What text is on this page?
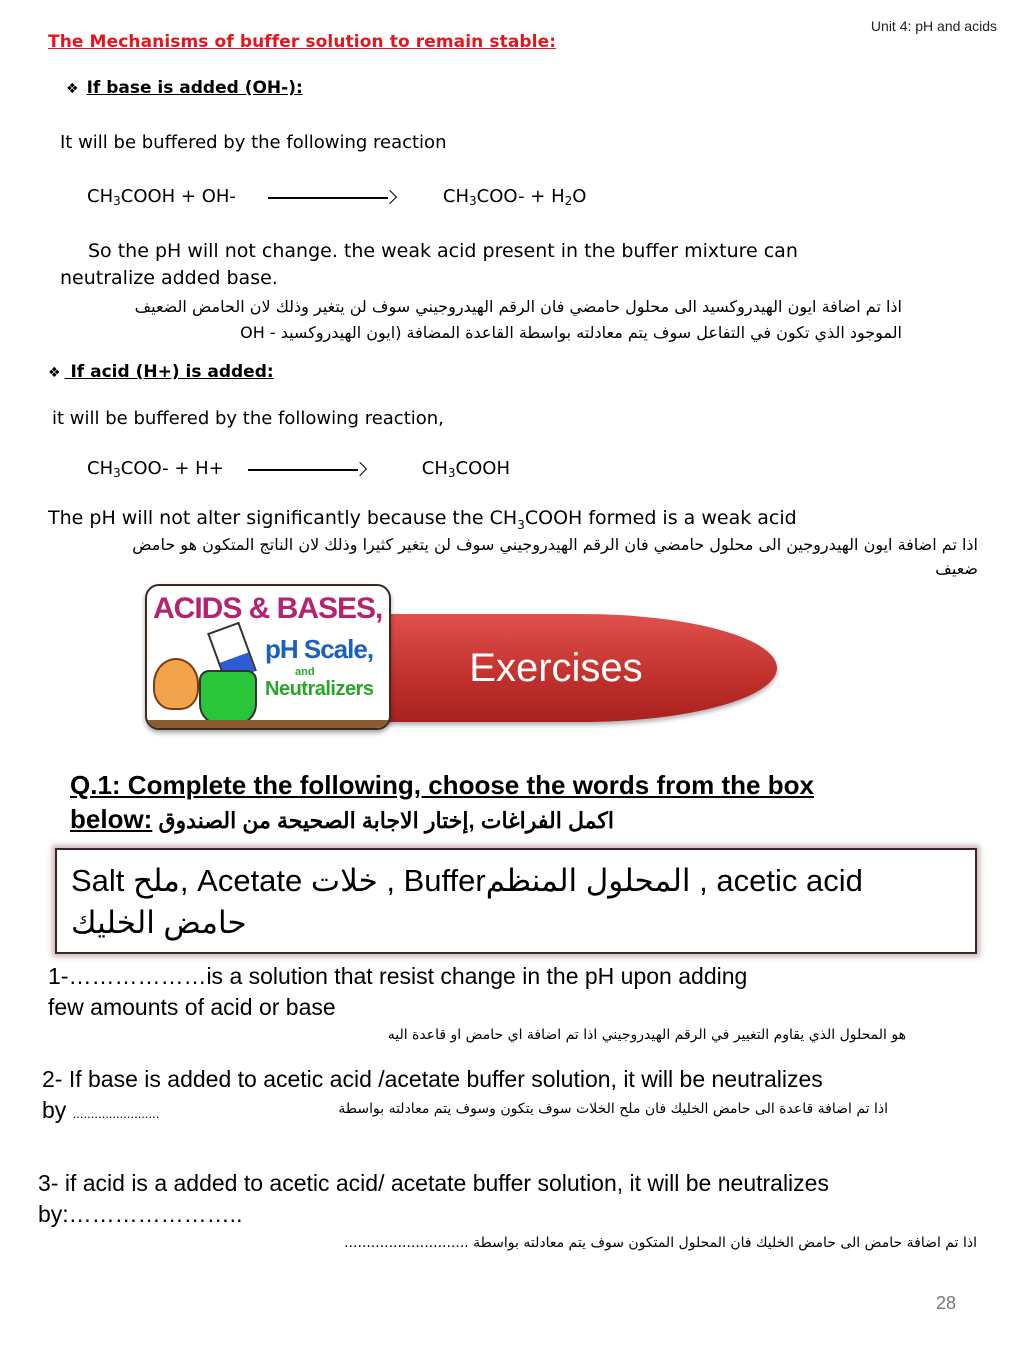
Unit 4: pH and acids
The Mechanisms of buffer solution to remain stable:
❖ If base is added (OH-):
It will be buffered by the following reaction
$CH_3COOH + OH-$	$CH_3COO- + H_2O$
So the pH will not change. the weak acid present in the buffer mixture can
neutralize added base.
اذا تم اضافة ايون الهيدروكسيد الى محلول حامضي فان الرقم الهيدروجيني سوف لن يتغير وذلك لان الحامض الضعيف
الموجود الذي تكون في التفاعل سوف يتم معادلته بواسطة القاعدة المضافة (ايون الهيدروكسيد - OH
❖ If acid (H+) is added:
it will be buffered by the following reaction,
$CH_3COO- + H+$	$CH_3COOH$
The pH will not alter significantly because the $CH_3COOH$ formed is a weak acid
اذا تم اضافة ايون الهيدروجين الى محلول حامضي فان الرقم الهيدروجيني سوف لن يتغير كثيرا وذلك لان الناتج المتكون هو حامض
ضعيف
Exercises
ACIDS & BASES,
pH Scale,
and
Neutralizers
Q.1: Complete the following, choose the words from the box
below: اكمل الفراغات ,إختار الاجابة الصحيحة من الصندوق
Salt ملح, Acetate خلات , Bufferالمحلول المنظم , acetic acid
حامض الخليك
1-………………is a solution that resist change in the pH upon adding
few amounts of acid or base
هو المحلول الذي يقاوم التغيير في الرقم الهيدروجيني اذا تم اضافة اي حامض او قاعدة اليه
2- If base is added to acetic acid /acetate buffer solution, it will be neutralizes
by ........................	اذا تم اضافة قاعدة الى حامض الخليك فان ملح الخلات سوف يتكون وسوف يتم معادلته بواسطة
3- if acid is a added to acetic acid/ acetate buffer solution, it will be neutralizes
by:…………………..
اذا تم اضافة حامض الى حامض الخليك فان المحلول المتكون سوف يتم معادلته بواسطة ............................
28
